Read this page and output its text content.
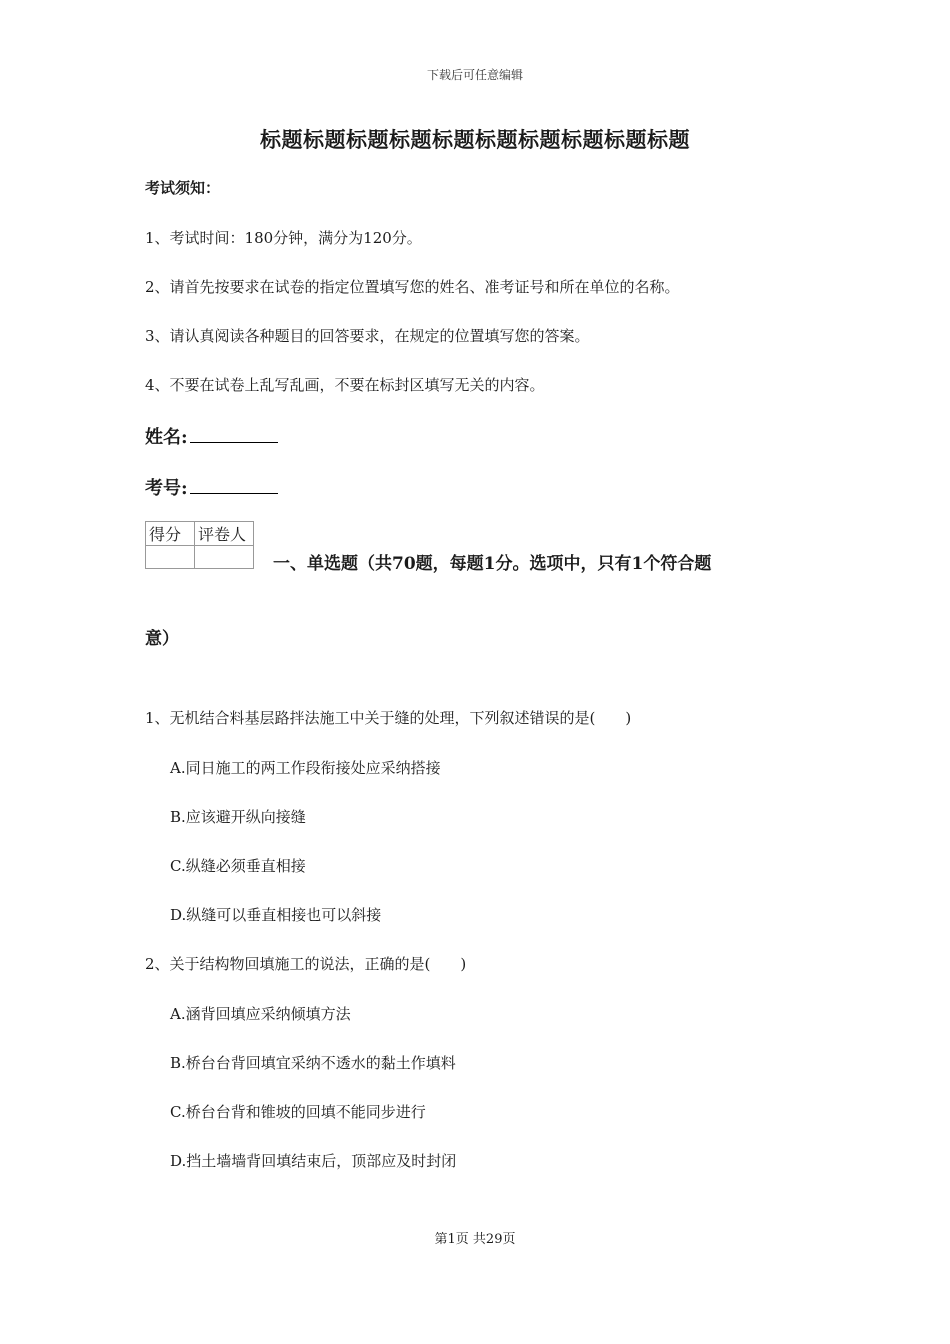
下载后可任意编辑
标题标题标题标题标题标题标题标题标题标题
考试须知：
1、考试时间：180分钟，满分为120分。
2、请首先按要求在试卷的指定位置填写您的姓名、准考证号和所在单位的名称。
3、请认真阅读各种题目的回答要求，在规定的位置填写您的答案。
4、不要在试卷上乱写乱画，不要在标封区填写无关的内容。
姓名:
考号:
得分	评卷人

一、单选题（共70题，每题1分。选项中，只有1个符合题
意）
1、无机结合料基层路拌法施工中关于缝的处理，下列叙述错误的是(　　)
A.同日施工的两工作段衔接处应采纳搭接
B.应该避开纵向接缝
C.纵缝必须垂直相接
D.纵缝可以垂直相接也可以斜接
2、关于结构物回填施工的说法，正确的是(　　)
A.涵背回填应采纳倾填方法
B.桥台台背回填宜采纳不透水的黏土作填料
C.桥台台背和锥坡的回填不能同步进行
D.挡土墙墙背回填结束后，顶部应及时封闭
第1页 共29页
